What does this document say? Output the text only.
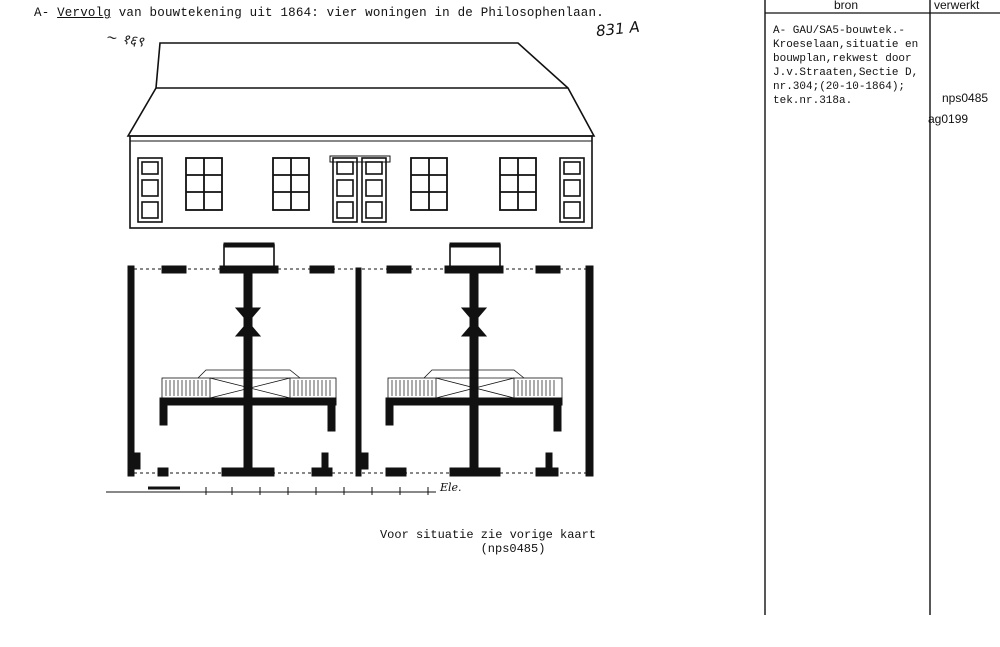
A- Vervolg van bouwtekening uit 1864: vier woningen in de Philosophenlaan.
~ १६९	831 A
Ele.
Voor situatie zie vorige kaart

(nps0485)
bron	verwerkt
A- GAU/SA5-bouwtek.-
Kroeselaan,situatie en
bouwplan,rekwest door
J.v.Straaten,Sectie D,
nr.304;(20-10-1864);
tek.nr.318a.	nps0485
ag0199
